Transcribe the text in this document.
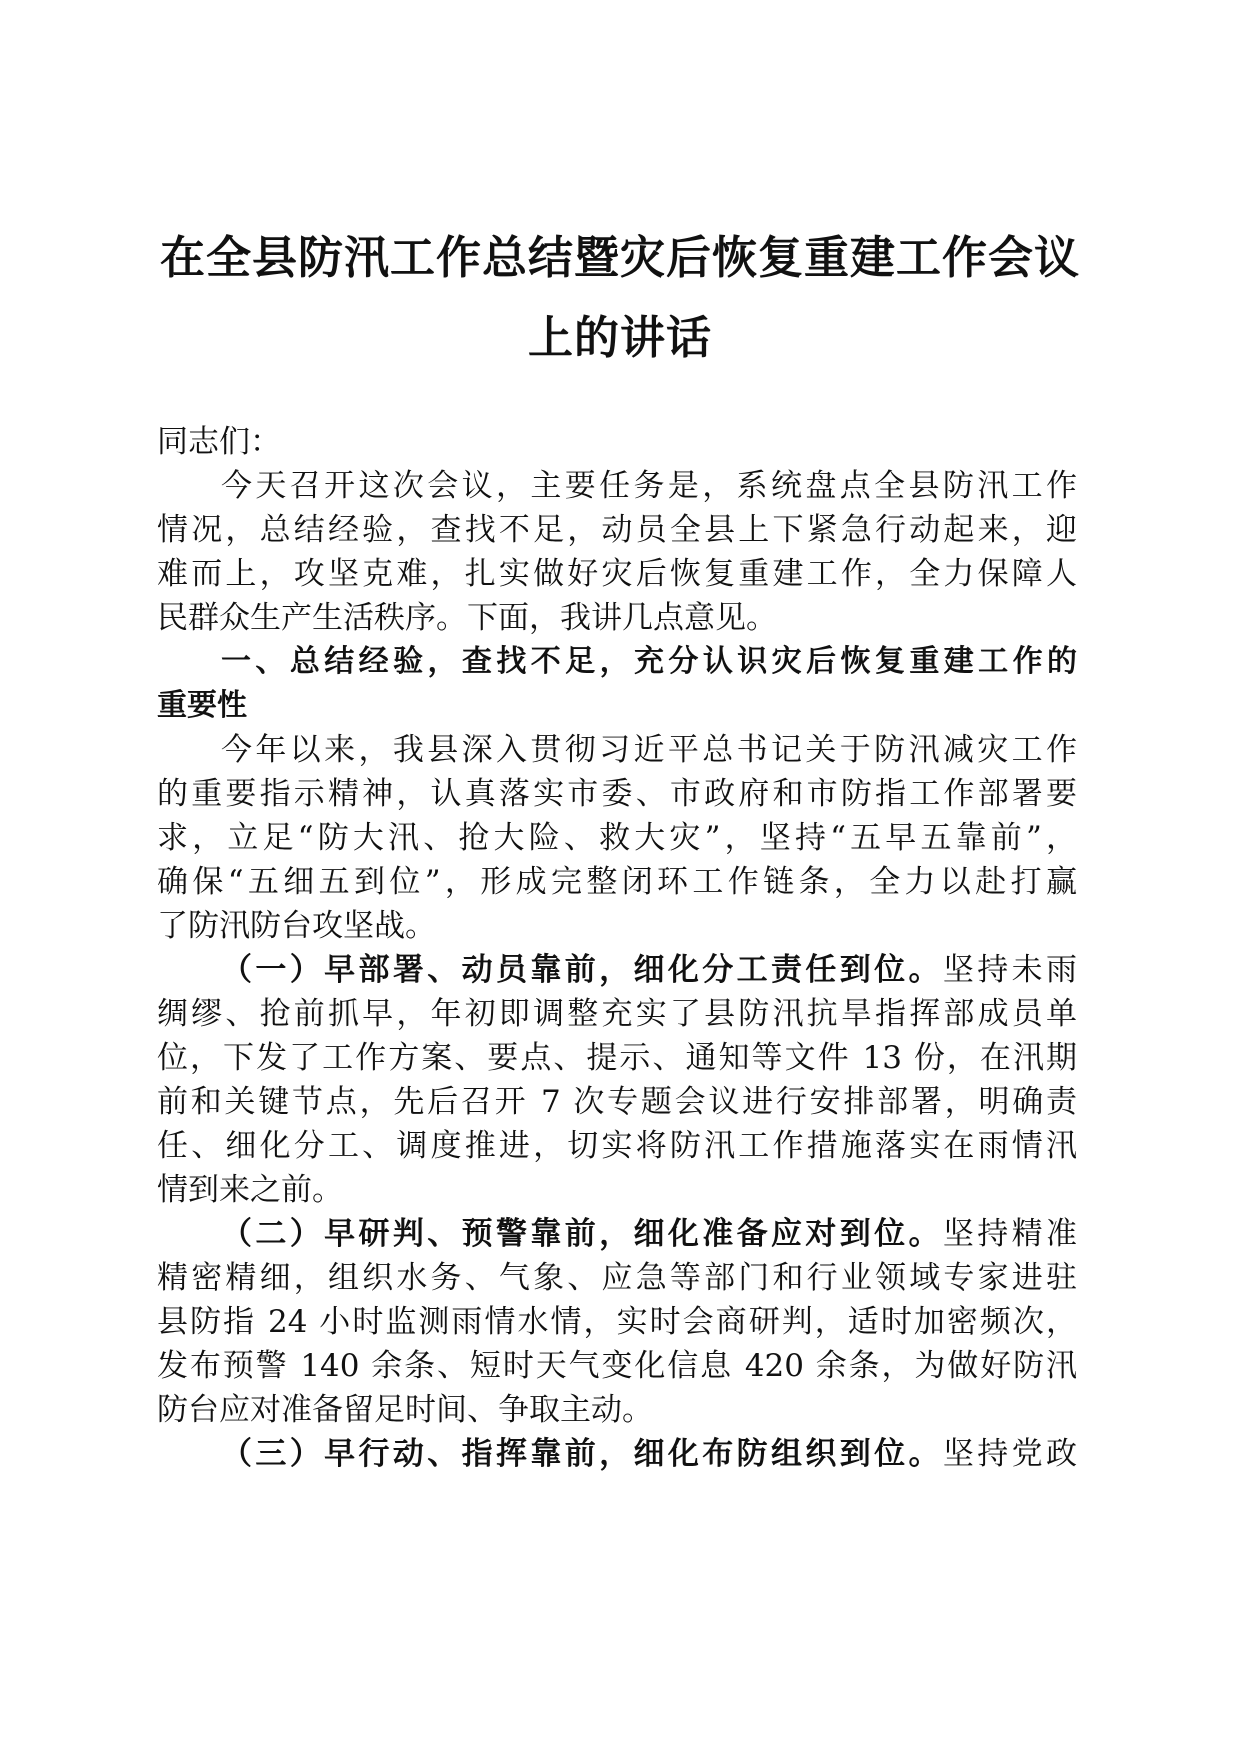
在全县防汛工作总结暨灾后恢复重建工作会议
上的讲话
同志们：
今天召开这次会议，主要任务是，系统盘点全县防汛工作
情况，总结经验，查找不足，动员全县上下紧急行动起来，迎
难而上，攻坚克难，扎实做好灾后恢复重建工作，全力保障人
民群众生产生活秩序。下面，我讲几点意见。
一、总结经验，查找不足，充分认识灾后恢复重建工作的
重要性
今年以来，我县深入贯彻习近平总书记关于防汛减灾工作
的重要指示精神，认真落实市委、市政府和市防指工作部署要
求，立足“防大汛、抢大险、救大灾”，坚持“五早五靠前”，
确保“五细五到位”，形成完整闭环工作链条，全力以赴打赢
了防汛防台攻坚战。
（一）早部署、动员靠前，细化分工责任到位。坚持未雨
绸缪、抢前抓早，年初即调整充实了县防汛抗旱指挥部成员单
位，下发了工作方案、要点、提示、通知等文件 13 份，在汛期
前和关键节点，先后召开 7 次专题会议进行安排部署，明确责
任、细化分工、调度推进，切实将防汛工作措施落实在雨情汛
情到来之前。
（二）早研判、预警靠前，细化准备应对到位。坚持精准
精密精细，组织水务、气象、应急等部门和行业领域专家进驻
县防指 24 小时监测雨情水情，实时会商研判，适时加密频次，
发布预警 140 余条、短时天气变化信息 420 余条，为做好防汛
防台应对准备留足时间、争取主动。
（三）早行动、指挥靠前，细化布防组织到位。坚持党政
